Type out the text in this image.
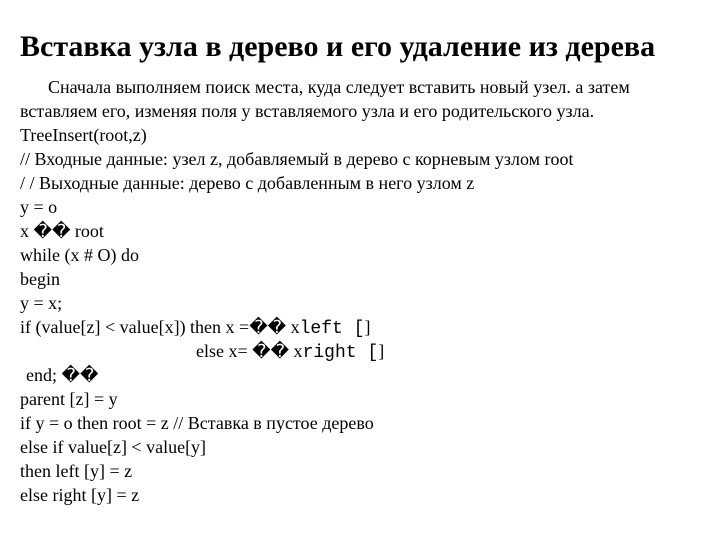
Вставка узла в дерево и его удаление из дерева
Сначала выполняем поиск места, куда следует вставить новый узел. а затем
вставляем его, изменяя поля у вставляемого узла и его родительского узла.
TreeInsert(root,z)
// Входные данные: узел z, добавляемый в дерево с корневым узлом root
/ / Выходные данные: дерево с добавленным в него узлом z
y = o
x �� root
while (x # O) do
begin
y = x;
if (value[z] < value[x]) then x =�� xleft []
else x= �� xright []
end; ��
parent [z] = y
if y = o then root = z // Вставка в пустое дерево
else if value[z] < value[y]
then left [y] = z
else right [y] = z
